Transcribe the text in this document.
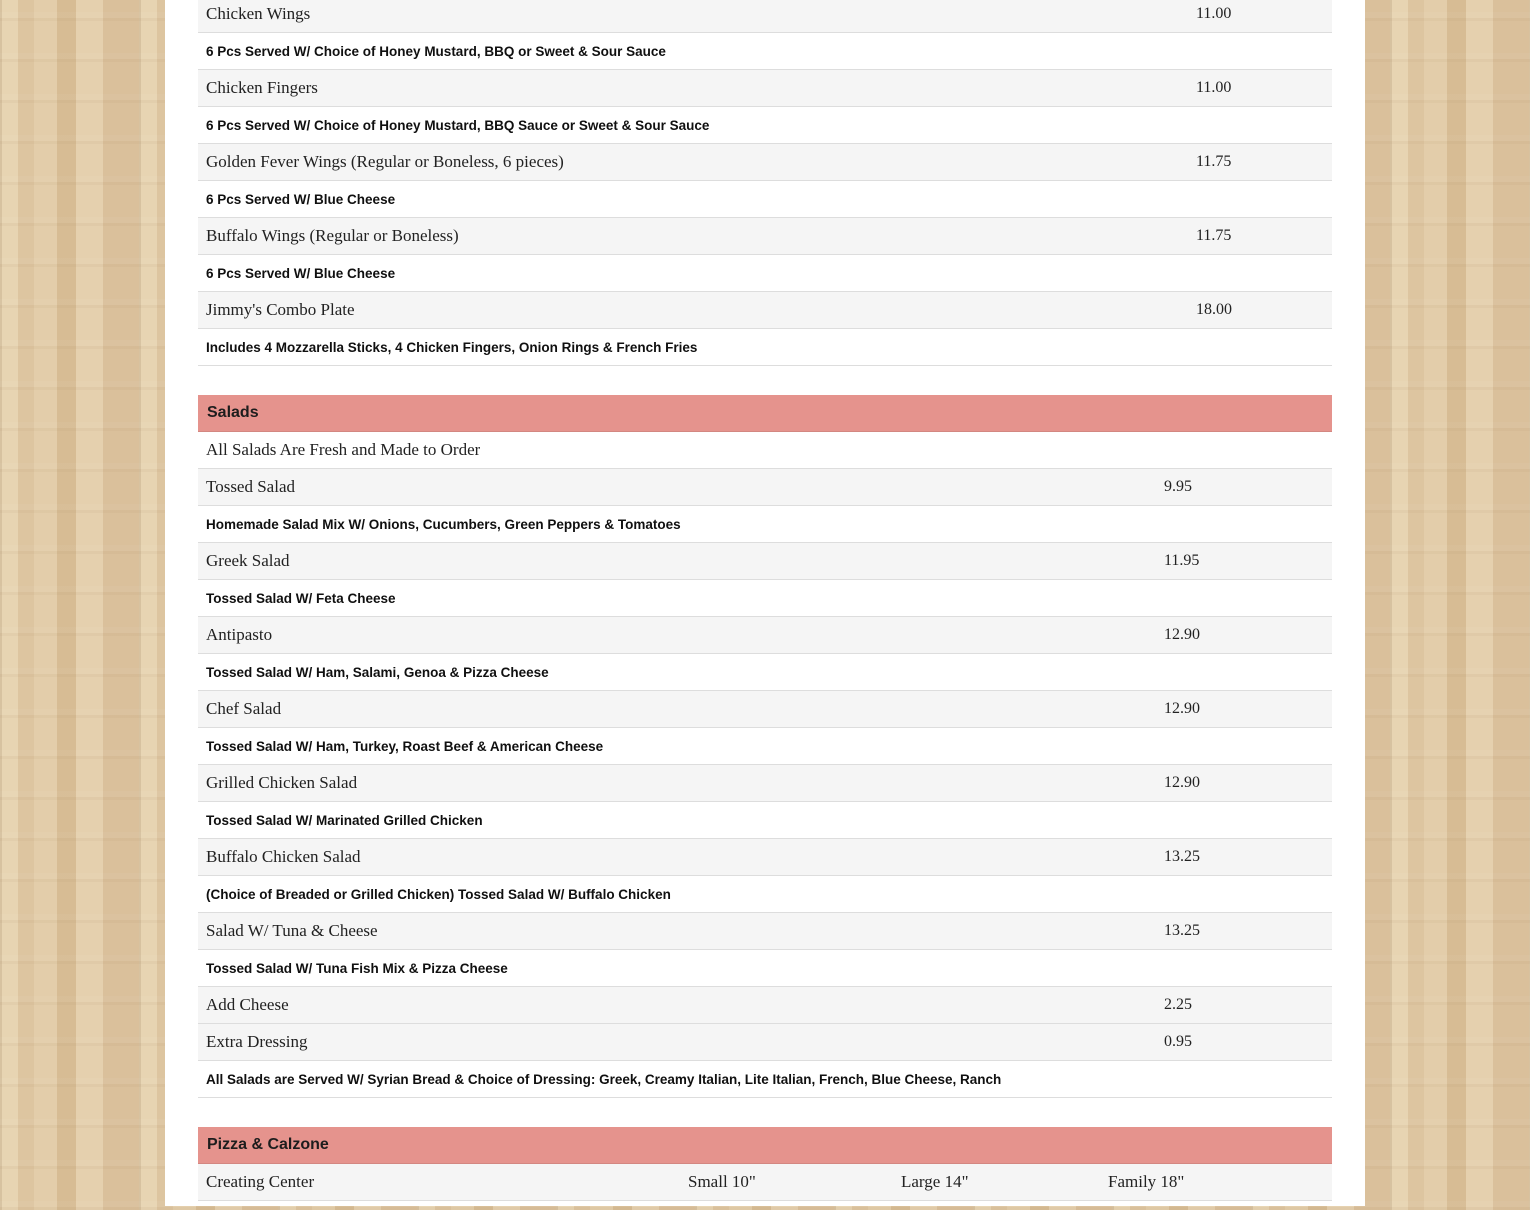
Chicken Wings	11.00
6 Pcs Served W/ Choice of Honey Mustard, BBQ or Sweet & Sour Sauce
Chicken Fingers	11.00
6 Pcs Served W/ Choice of Honey Mustard, BBQ Sauce or Sweet & Sour Sauce
Golden Fever Wings (Regular or Boneless, 6 pieces)	11.75
6 Pcs Served W/ Blue Cheese
Buffalo Wings (Regular or Boneless)	11.75
6 Pcs Served W/ Blue Cheese
Jimmy's Combo Plate	18.00
Includes 4 Mozzarella Sticks, 4 Chicken Fingers, Onion Rings & French Fries
Salads
All Salads Are Fresh and Made to Order
Tossed Salad	9.95
Homemade Salad Mix W/ Onions, Cucumbers, Green Peppers & Tomatoes
Greek Salad	11.95
Tossed Salad W/ Feta Cheese
Antipasto	12.90
Tossed Salad W/ Ham, Salami, Genoa & Pizza Cheese
Chef Salad	12.90
Tossed Salad W/ Ham, Turkey, Roast Beef & American Cheese
Grilled Chicken Salad	12.90
Tossed Salad W/ Marinated Grilled Chicken
Buffalo Chicken Salad	13.25
(Choice of Breaded or Grilled Chicken) Tossed Salad W/ Buffalo Chicken
Salad W/ Tuna & Cheese	13.25
Tossed Salad W/ Tuna Fish Mix & Pizza Cheese
Add Cheese	2.25
Extra Dressing	0.95
All Salads are Served W/ Syrian Bread & Choice of Dressing: Greek, Creamy Italian, Lite Italian, French, Blue Cheese, Ranch
Pizza & Calzone
Creating Center	Small 10"	Large 14"	Family 18"
